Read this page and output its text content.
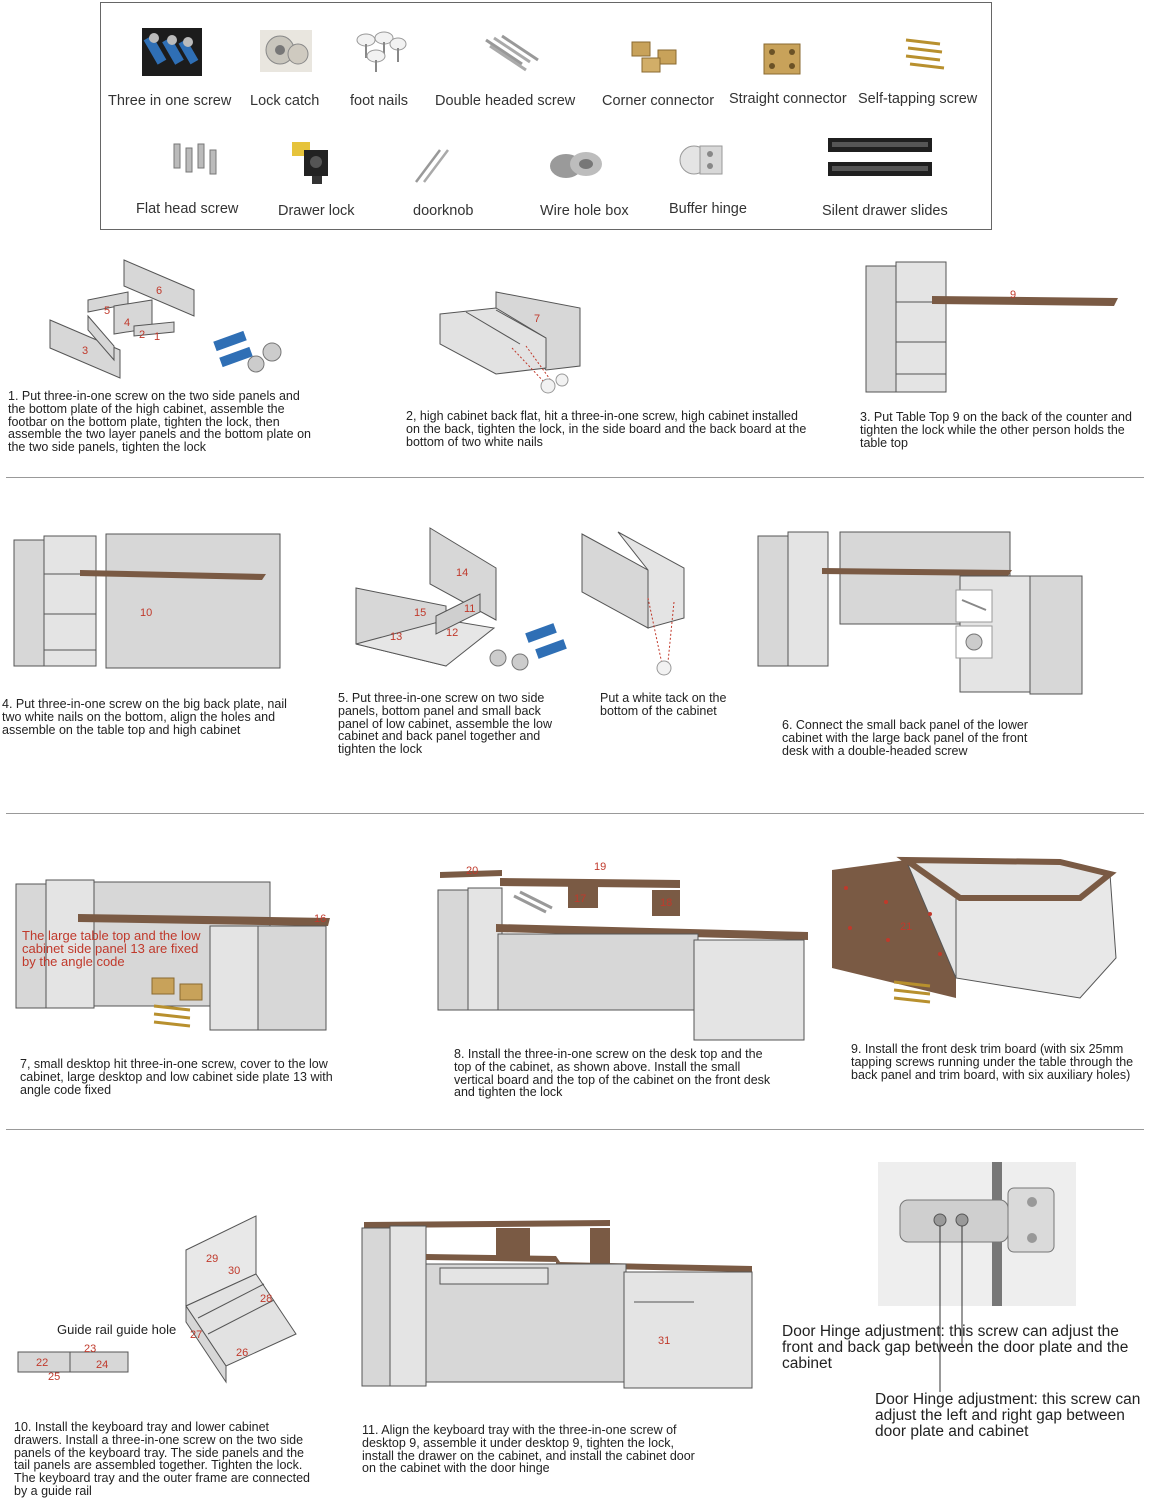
Three in one screw Lock catch foot nails Double headed screw Corner connector Straight connector Self-tapping screw
Flat head screw	Drawer lock	doorknob	Wire hole box	Buffer hinge	Silent drawer slides
6
5
4
2 1
3
1. Put three-in-one screw on the two side panels and the bottom plate of the high cabinet, assemble the footbar on the bottom plate, tighten the lock, then assemble the two layer panels and the bottom plate on the two side panels, tighten the lock
7
2, high cabinet back flat, hit a three-in-one screw, high cabinet installed on the back, tighten the lock, in the side board and the back board at the bottom of two white nails
9
3. Put Table Top 9 on the back of the counter and tighten the lock while the other person holds the table top
10
4. Put three-in-one screw on the big back plate, nail two white nails on the bottom, align the holes and assemble on the table top and high cabinet
14
15	11
12
13
5. Put three-in-one screw on two side panels, bottom panel and small back panel of low cabinet, assemble the low cabinet and back panel together and tighten the lock
Put a white tack on the bottom of the cabinet
6. Connect the small back panel of the lower cabinet with the large back panel of the front desk with a double-headed screw
16
The large table top and the low cabinet side panel 13 are fixed by the angle code
7, small desktop hit three-in-one screw, cover to the low cabinet, large desktop and low cabinet side plate 13 with angle code fixed
20	19
17	18
8. Install the three-in-one screw on the desk top and the top of the cabinet, as shown above. Install the small vertical board and the top of the cabinet on the front desk and tighten the lock
21
9. Install the front desk trim board (with six 25mm tapping screws running under the table through the back panel and trim board, with six auxiliary holes)
29
30
28
27
26
23
22	24
25
Guide rail guide hole
10. Install the keyboard tray and lower cabinet drawers. Install a three-in-one screw on the two side panels of the keyboard tray. The side panels and the tail panels are assembled together. Tighten the lock. The keyboard tray and the outer frame are connected by a guide rail
31
11. Align the keyboard tray with the three-in-one screw of desktop 9, assemble it under desktop 9, tighten the lock, install the drawer on the cabinet, and install the cabinet door on the cabinet with the door hinge
Door Hinge adjustment: this screw can adjust the front and back gap between the door plate and the cabinet
Door Hinge adjustment: this screw can adjust the left and right gap between door plate and cabinet
